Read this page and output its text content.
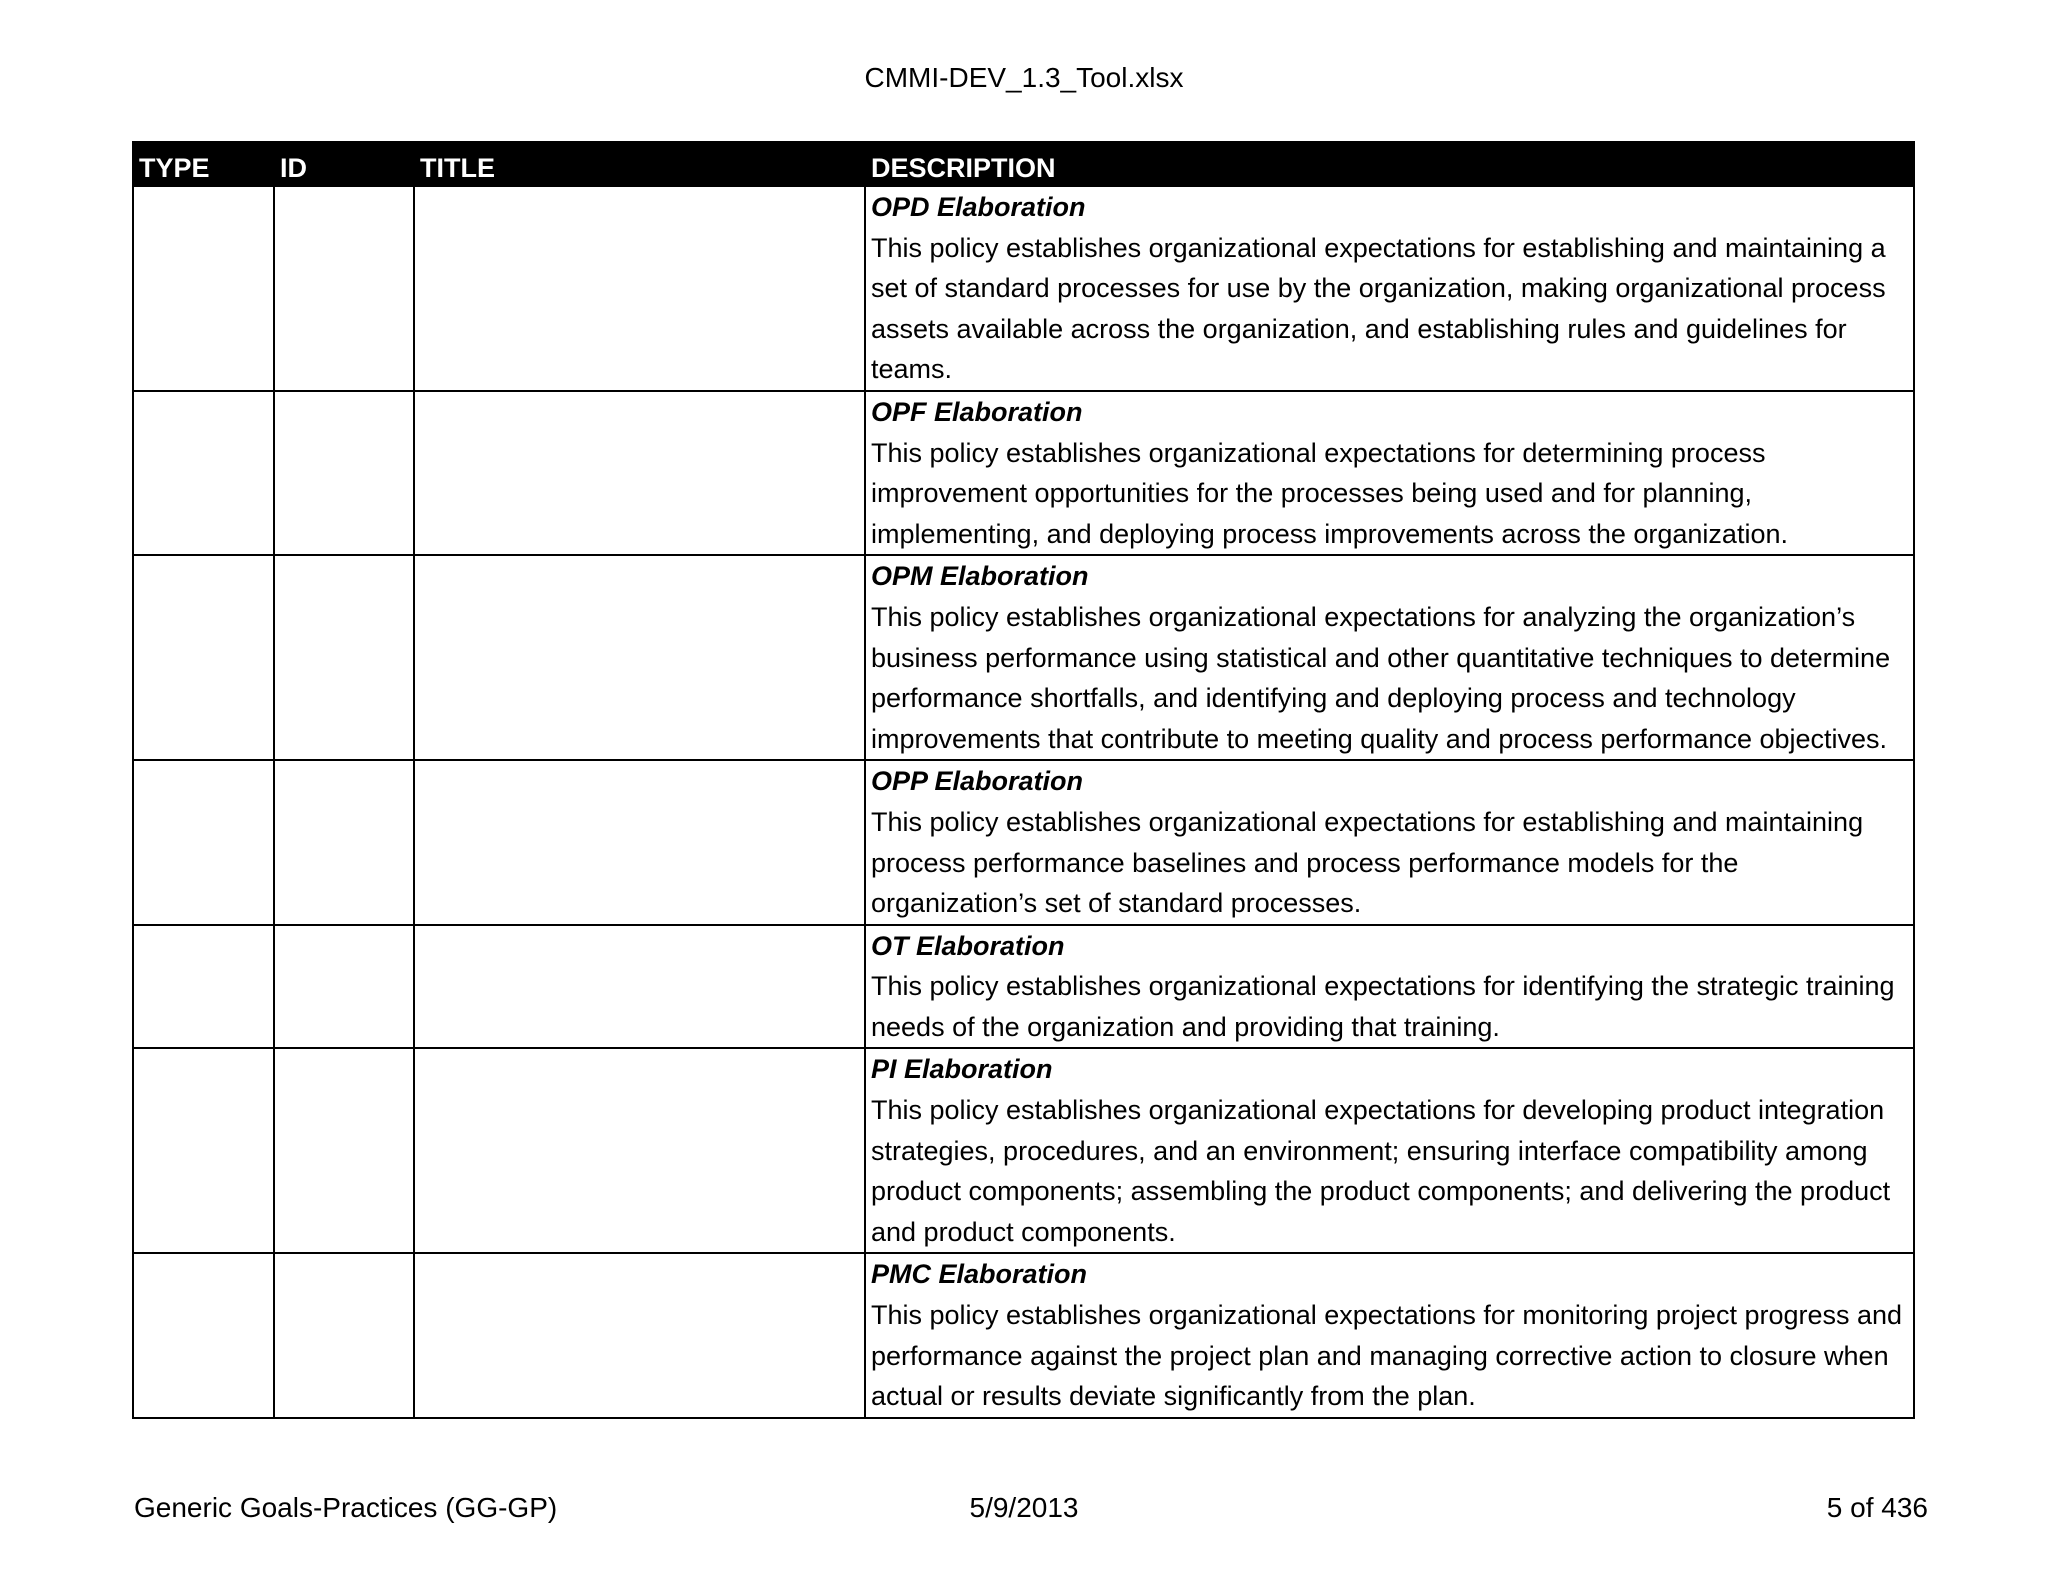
CMMI-DEV_1.3_Tool.xlsx
TYPE	ID	TITLE	DESCRIPTION

			OPD Elaboration
This policy establishes organizational expectations for establishing and maintaining a set of standard processes for use by the organization, making organizational process assets available across the organization, and establishing rules and guidelines for teams.

			OPF Elaboration
This policy establishes organizational expectations for determining process improvement opportunities for the processes being used and for planning, implementing, and deploying process improvements across the organization.

			OPM Elaboration
This policy establishes organizational expectations for analyzing the organization’s business performance using statistical and other quantitative techniques to determine performance shortfalls, and identifying and deploying process and technology improvements that contribute to meeting quality and process performance objectives.

			OPP Elaboration
This policy establishes organizational expectations for establishing and maintaining process performance baselines and process performance models for the organization’s set of standard processes.

			OT Elaboration
This policy establishes organizational expectations for identifying the strategic training needs of the organization and providing that training.

			PI Elaboration
This policy establishes organizational expectations for developing product integration strategies, procedures, and an environment; ensuring interface compatibility among product components; assembling the product components; and delivering the product and product components.

			PMC Elaboration
This policy establishes organizational expectations for monitoring project progress and performance against the project plan and managing corrective action to closure when actual or results deviate significantly from the plan.
Generic Goals-Practices (GG-GP)	5/9/2013	5 of 436
